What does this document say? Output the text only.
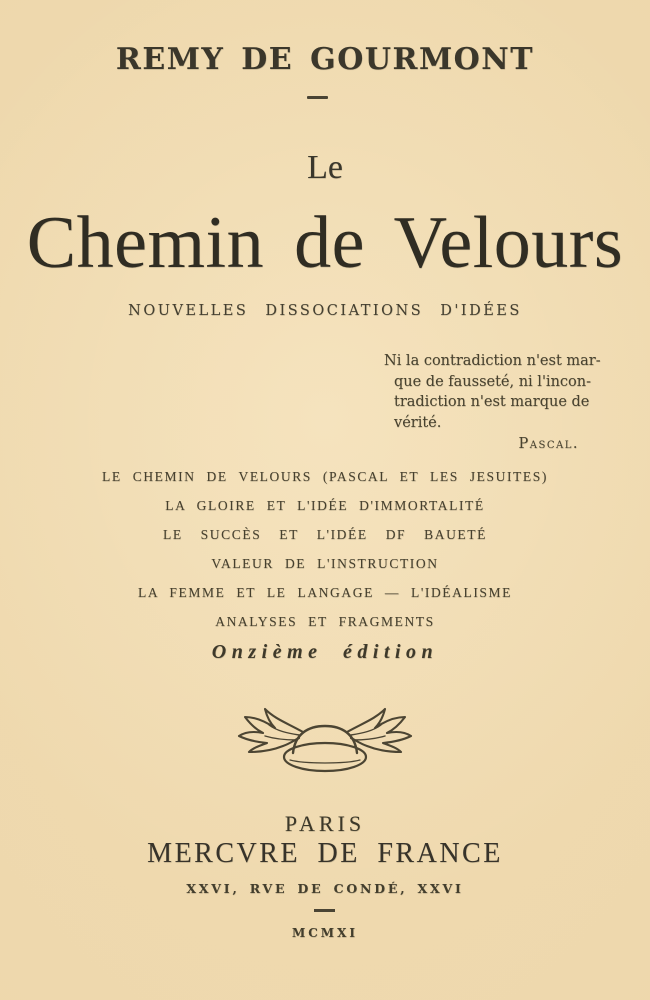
REMY DE GOURMONT
Le
Chemin de Velours
NOUVELLES DISSOCIATIONS D'IDÉES
Ni la contradiction n'est mar-
que de fausseté, ni l'incon-
tradiction n'est marque de
vérité.
Pascal.
LE CHEMIN DE VELOURS (PASCAL ET LES JESUITES)
LA GLOIRE ET L'IDÉE D'IMMORTALITÉ
LE SUCCÈS ET L'IDÉE DF BAUETÉ
VALEUR DE L'INSTRUCTION
LA FEMME ET LE LANGAGE — L'IDÉALISME
ANALYSES ET FRAGMENTS
Onzième édition
PARIS
MERCVRE DE FRANCE
XXVI, RVE DE CONDÉ, XXVI
MCMXI
